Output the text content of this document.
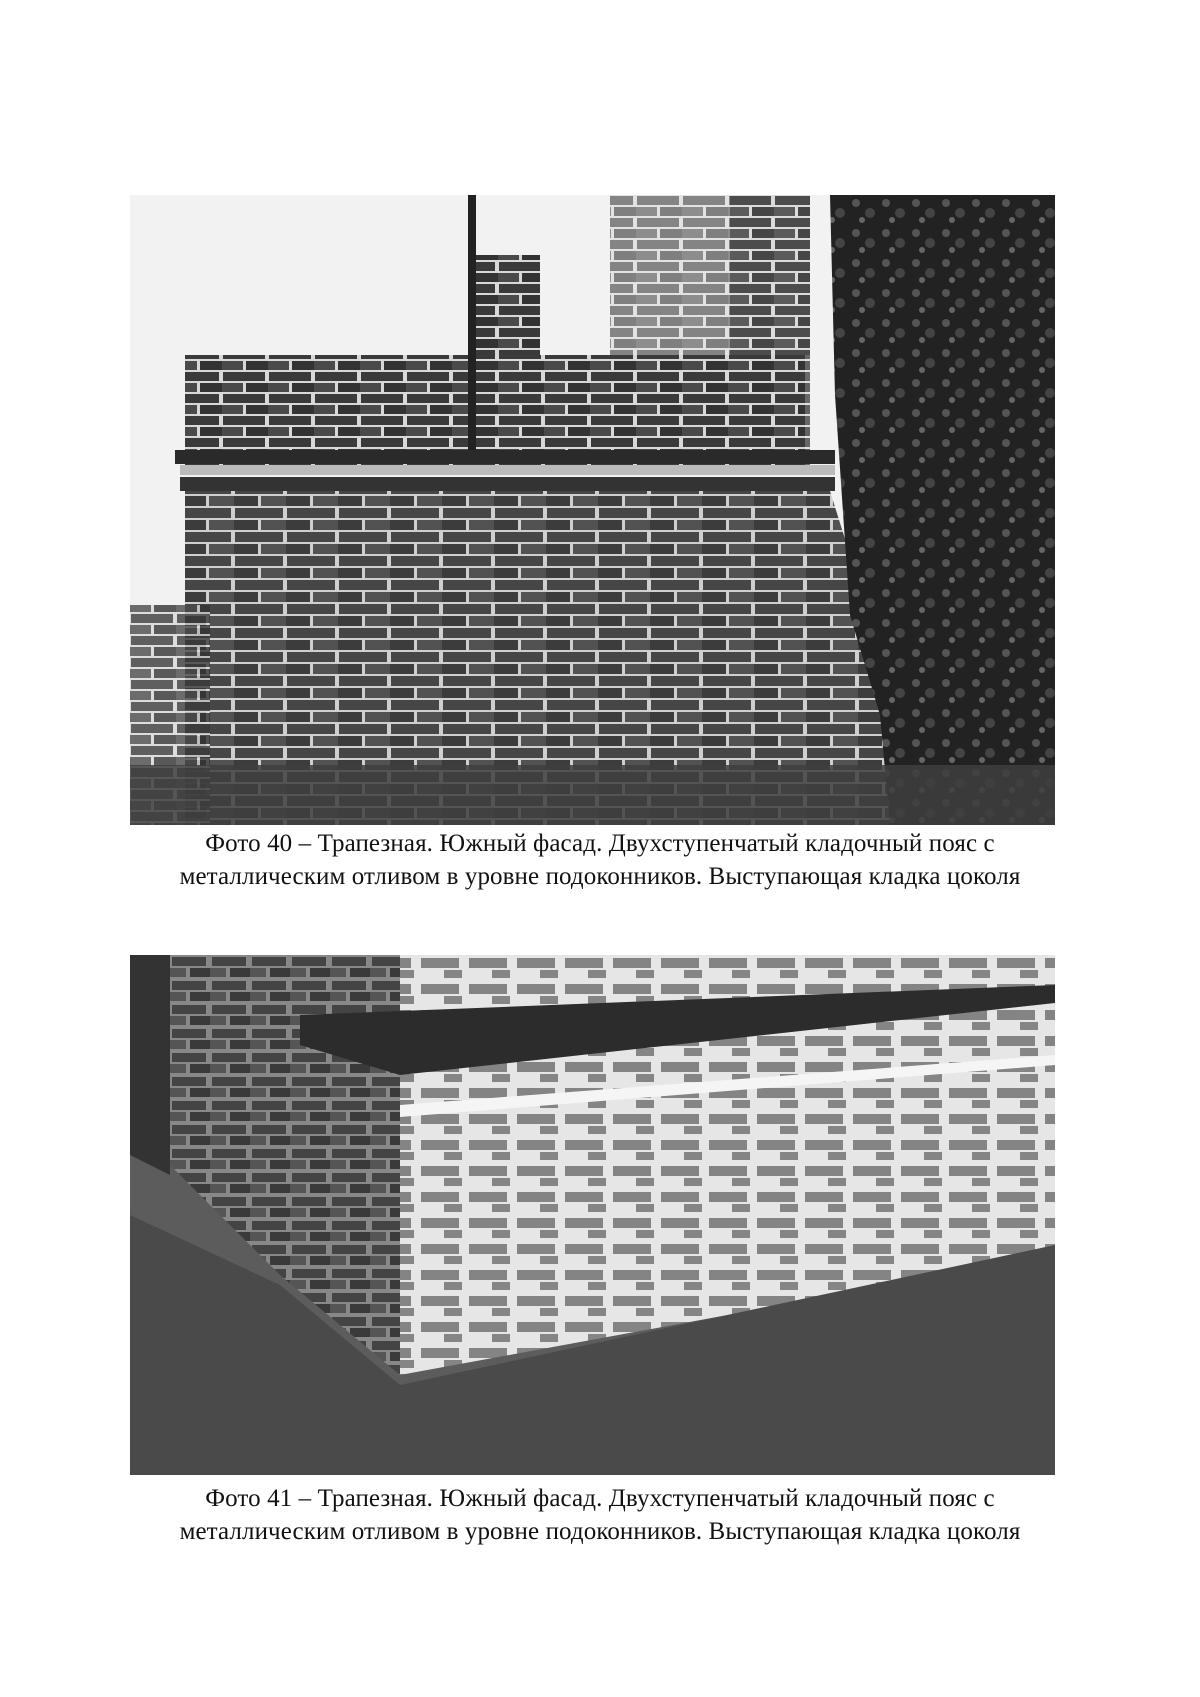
Фото 40 – Трапезная. Южный фасад. Двухступенчатый кладочный пояс с
металлическим отливом в уровне подоконников. Выступающая кладка цоколя
Фото 41 – Трапезная. Южный фасад. Двухступенчатый кладочный пояс с
металлическим отливом в уровне подоконников. Выступающая кладка цоколя
